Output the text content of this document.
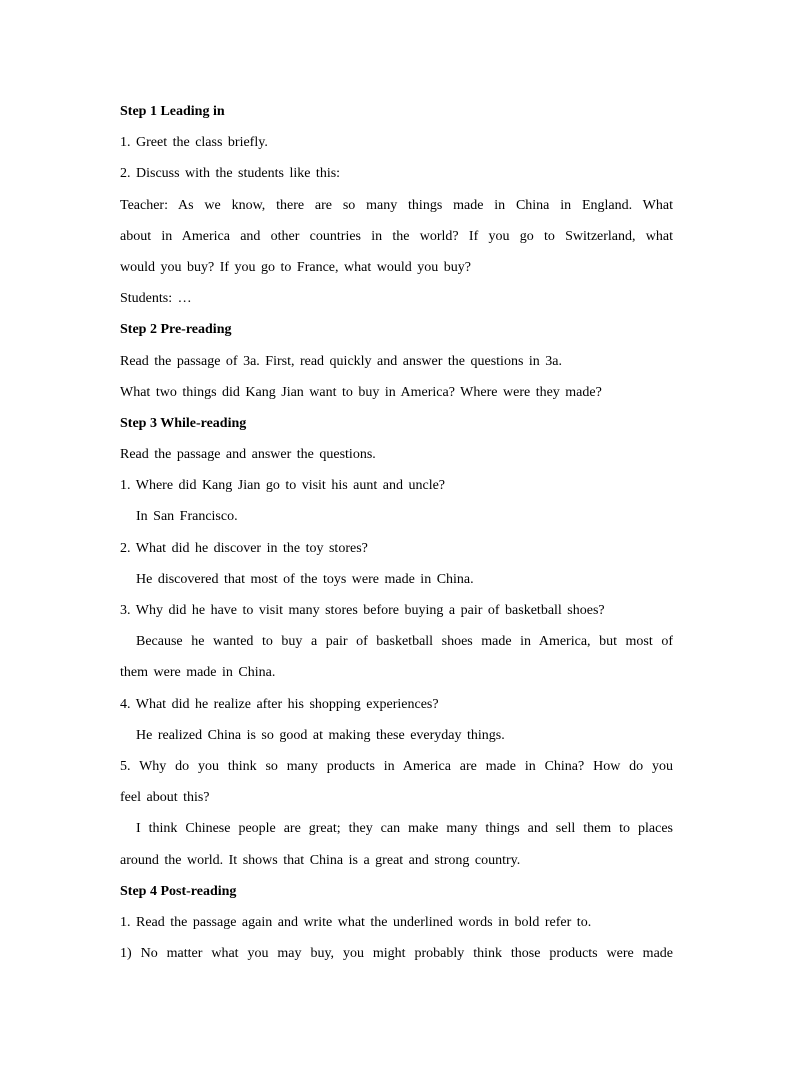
Step 1 Leading in
1. Greet the class briefly.
2. Discuss with the students like this:
Teacher: As we know, there are so many things made in China in England. What
about in America and other countries in the world? If you go to Switzerland, what
would you buy? If you go to France, what would you buy?
Students: …
Step 2 Pre-reading
Read the passage of 3a. First, read quickly and answer the questions in 3a.
What two things did Kang Jian want to buy in America? Where were they made?
Step 3 While-reading
Read the passage and answer the questions.
1. Where did Kang Jian go to visit his aunt and uncle?
In San Francisco.
2. What did he discover in the toy stores?
He discovered that most of the toys were made in China.
3. Why did he have to visit many stores before buying a pair of basketball shoes?
Because he wanted to buy a pair of basketball shoes made in America, but most of
them were made in China.
4. What did he realize after his shopping experiences?
He realized China is so good at making these everyday things.
5. Why do you think so many products in America are made in China? How do you
feel about this?
I think Chinese people are great; they can make many things and sell them to places
around the world. It shows that China is a great and strong country.
Step 4 Post-reading
1. Read the passage again and write what the underlined words in bold refer to.
1) No matter what you may buy, you might probably think those products were made
